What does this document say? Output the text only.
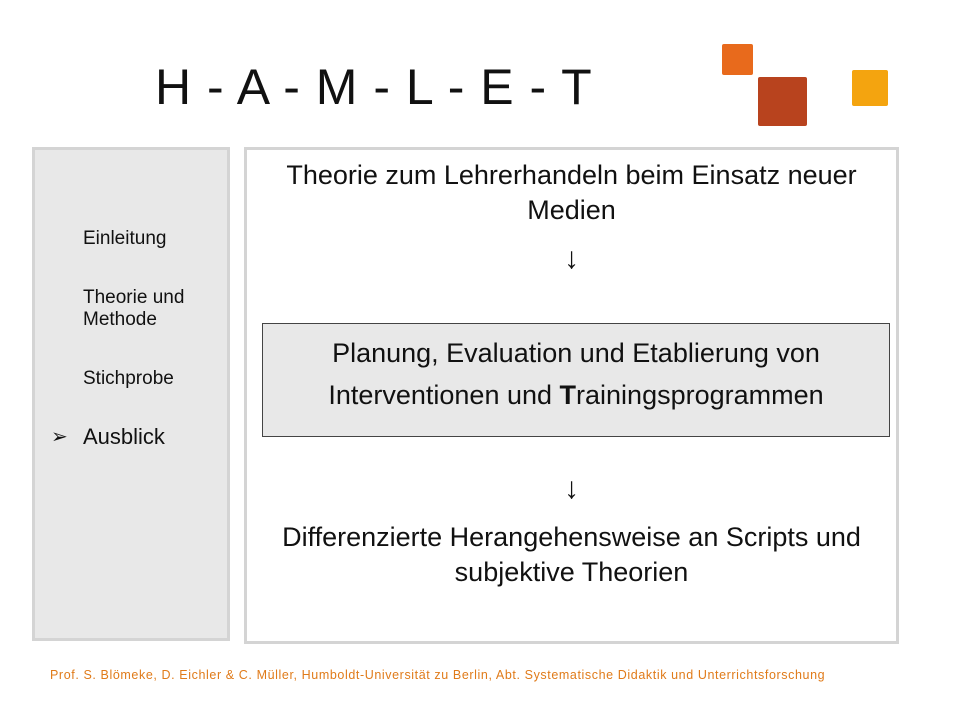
H - A - M - L - E - T
Einleitung
Theorie und Methode
Stichprobe
➢ Ausblick
Theorie zum Lehrerhandeln beim Einsatz neuer Medien
↓
Planung, Evaluation und Etablierung von
Interventionen und Trainingsprogrammen
↓
Differenzierte Herangehensweise an Scripts und subjektive Theorien
Prof. S. Blömeke, D. Eichler & C. Müller, Humboldt-Universität zu Berlin, Abt. Systematische Didaktik und Unterrichtsforschung
